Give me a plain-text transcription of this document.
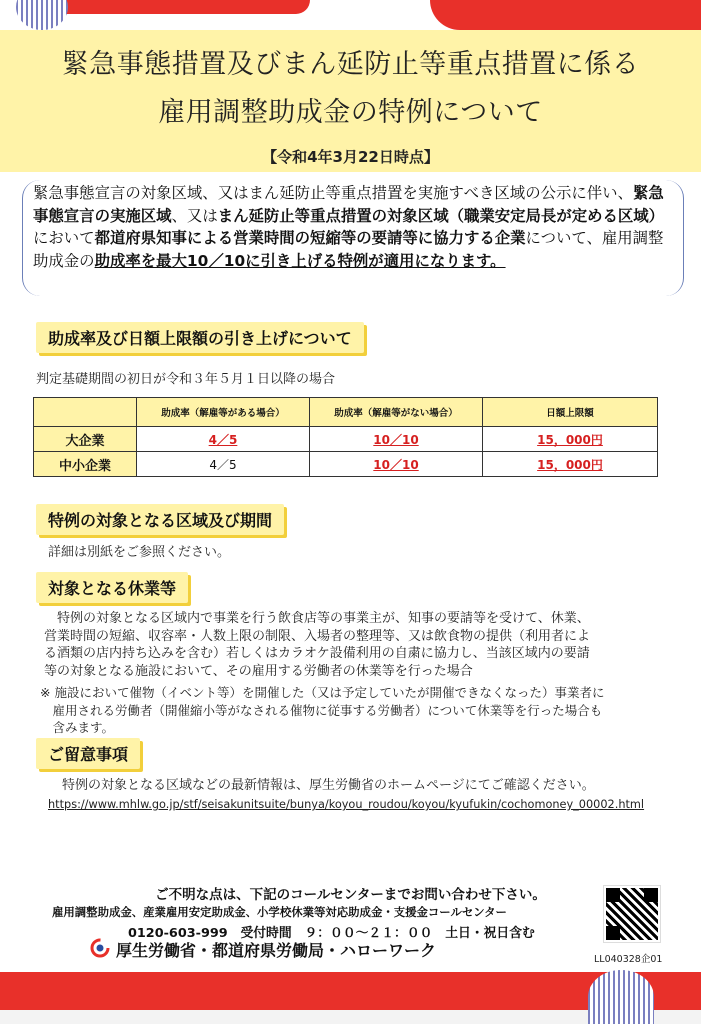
緊急事態措置及びまん延防止等重点措置に係る
雇用調整助成金の特例について
【令和4年3月22日時点】
緊急事態宣言の対象区域、又はまん延防止等重点措置を実施すべき区域の公示に伴い、緊急事態宣言の実施区域、又はまん延防止等重点措置の対象区域（職業安定局長が定める区域）において都道府県知事による営業時間の短縮等の要請等に協力する企業について、雇用調整助成金の助成率を最大10／10に引き上げる特例が適用になります。
助成率及び日額上限額の引き上げについて
判定基礎期間の初日が令和３年５月１日以降の場合
	助成率（解雇等がある場合）	助成率（解雇等がない場合）	日額上限額
大企業	4／5	10／10	15，000円
中小企業	4／5	10／10	15，000円
特例の対象となる区域及び期間
詳細は別紙をご参照ください。
対象となる休業等
　特例の対象となる区域内で事業を行う飲食店等の事業主が、知事の要請等を受けて、休業、
営業時間の短縮、収容率・人数上限の制限、入場者の整理等、又は飲食物の提供（利用者によ
る酒類の店内持ち込みを含む）若しくはカラオケ設備利用の自粛に協力し、当該区域内の要請
等の対象となる施設において、その雇用する労働者の休業等を行った場合
※ 施設において催物（イベント等）を開催した（又は予定していたが開催できなくなった）事業者に
　雇用される労働者（開催縮小等がなされる催物に従事する労働者）について休業等を行った場合も
　含みます。
ご留意事項
特例の対象となる区域などの最新情報は、厚生労働省のホームページにてご確認ください。
https://www.mhlw.go.jp/stf/seisakunitsuite/bunya/koyou_roudou/koyou/kyufukin/cochomoney_00002.html
ご不明な点は、下記のコールセンターまでお問い合わせ下さい。
雇用調整助成金、産業雇用安定助成金、小学校休業等対応助成金・支援金コールセンター
0120-603-999　受付時間　９：００～２１：００　土日・祝日含む
厚生労働省・都道府県労働局・ハローワーク	LL040328企01
